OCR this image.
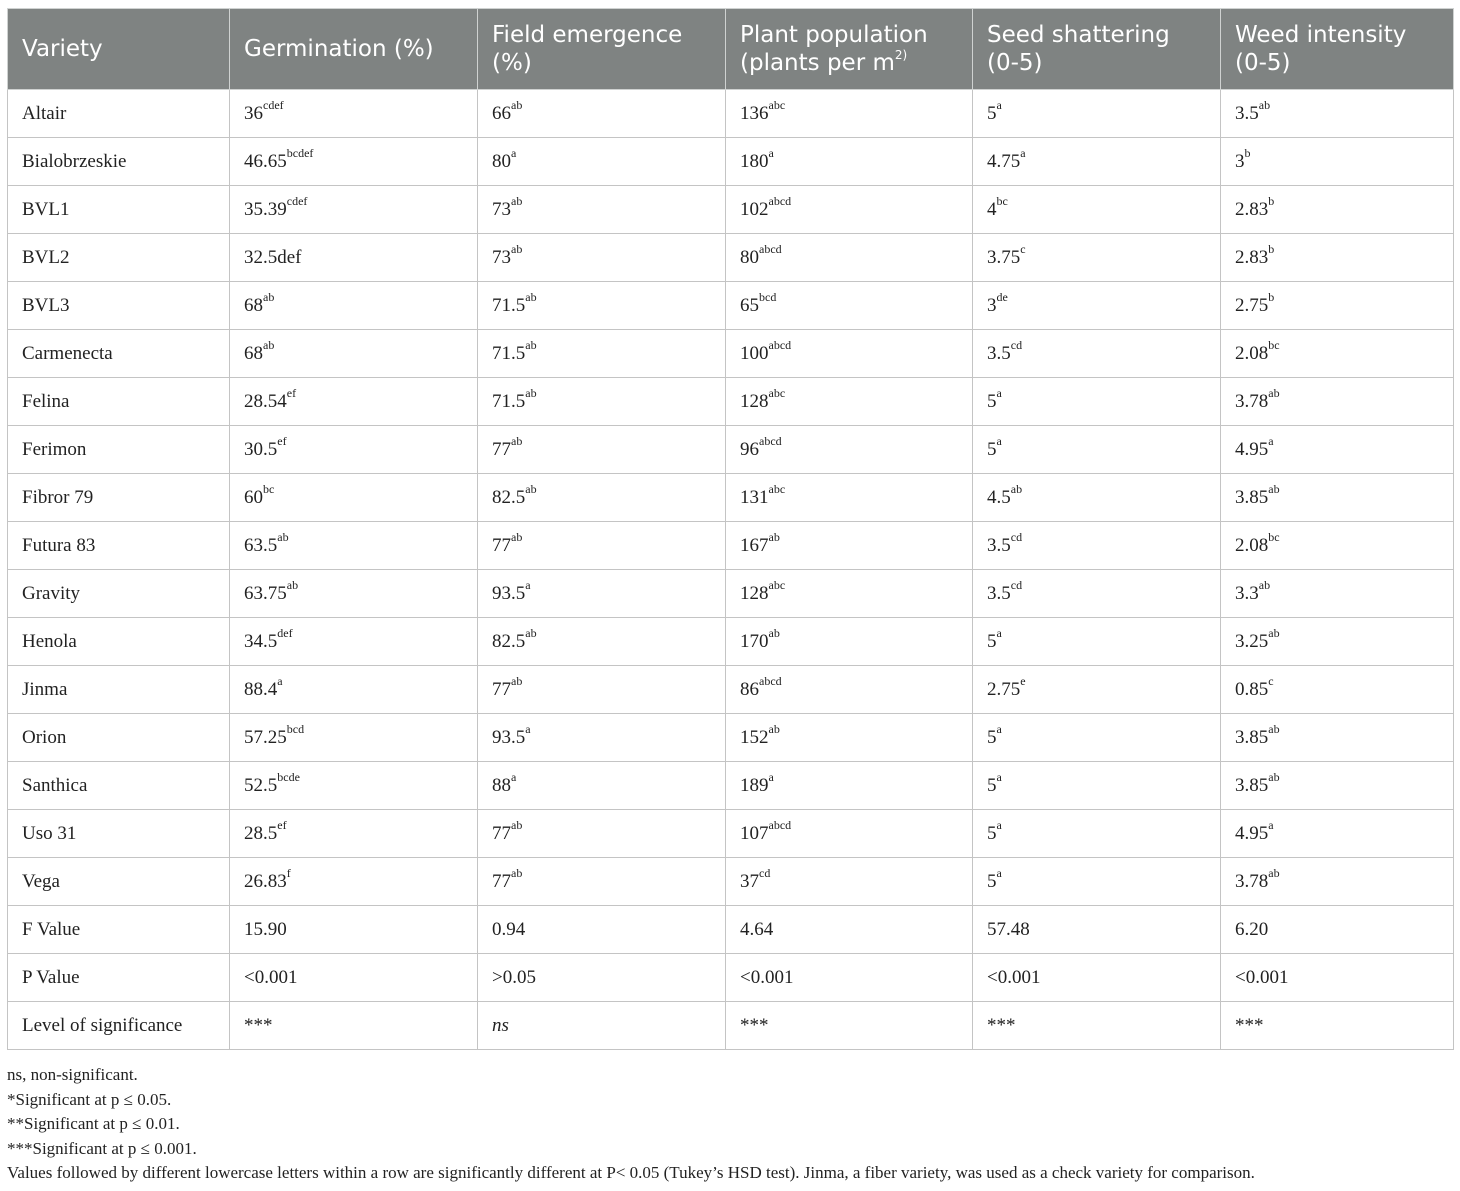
Variety	Germination (%)	Field emergence (%)	Plant population (plants per $m^{2)}$	Seed shattering (0-5)	Weed intensity (0-5)
Altair	$36^{cdef}$	$66^{ab}$	$136^{abc}$	5$^a$	3.5$^{ab}$
Bialobrzeskie	$46.65^{bcdef}$	80$^a$	180$^a$	4.75$^a$	3$^b$
BVL1	$35.39^{cdef}$	$73^{ab}$	$102^{abcd}$	$4^{bc}$	2.83$^b$
BVL2	32.5def	$73^{ab}$	$80^{abcd}$	3.75$^c$	2.83$^b$
BVL3	$68^{ab}$	71.5$^{ab}$	$65^{bcd}$	3de	2.75$^b$
Carmenecta	$68^{ab}$	71.5$^{ab}$	$100^{abcd}$	3.5$^{cd}$	2.08$^{bc}$
Felina	28.54$^{ef}$	71.5$^{ab}$	$128^{abc}$	5$^a$	3.78$^{ab}$
Ferimon	30.5$^{ef}$	$77^{ab}$	$96^{abcd}$	5$^a$	4.95$^a$
Fibror 79	$60^{bc}$	82.5$^{ab}$	$131^{abc}$	4.5$^{ab}$	3.85$^{ab}$
Futura 83	63.5$^{ab}$	$77^{ab}$	$167^{ab}$	3.5$^{cd}$	2.08$^{bc}$
Gravity	63.75$^{ab}$	93.5$^a$	$128^{abc}$	3.5$^{cd}$	3.3$^{ab}$
Henola	34.5$^{def}$	82.5$^{ab}$	$170^{ab}$	5$^a$	3.25$^{ab}$
Jinma	88.4$^a$	$77^{ab}$	$86^{abcd}$	2.75e	0.85$^c$
Orion	57.25$^{bcd}$	93.5$^a$	$152^{ab}$	5$^a$	3.85$^{ab}$
Santhica	$52.5^{bcde}$	88$^a$	189$^a$	5$^a$	3.85$^{ab}$
Uso 31	28.5$^{ef}$	$77^{ab}$	$107^{abcd}$	5$^a$	4.95$^a$
Vega	26.83$^f$	$77^{ab}$	$37^{cd}$	5$^a$	3.78$^{ab}$
F Value	15.90	0.94	4.64	57.48	6.20
P Value	<0.001	>0.05	<0.001	<0.001	<0.001
Level of significance	***	ns	***	***	***
ns, non-significant.
*Significant at p ≤ 0.05.
**Significant at p ≤ 0.01.
***Significant at p ≤ 0.001.
Values followed by different lowercase letters within a row are significantly different at P< 0.05 (Tukey’s HSD test). Jinma, a fiber variety, was used as a check variety for comparison.
